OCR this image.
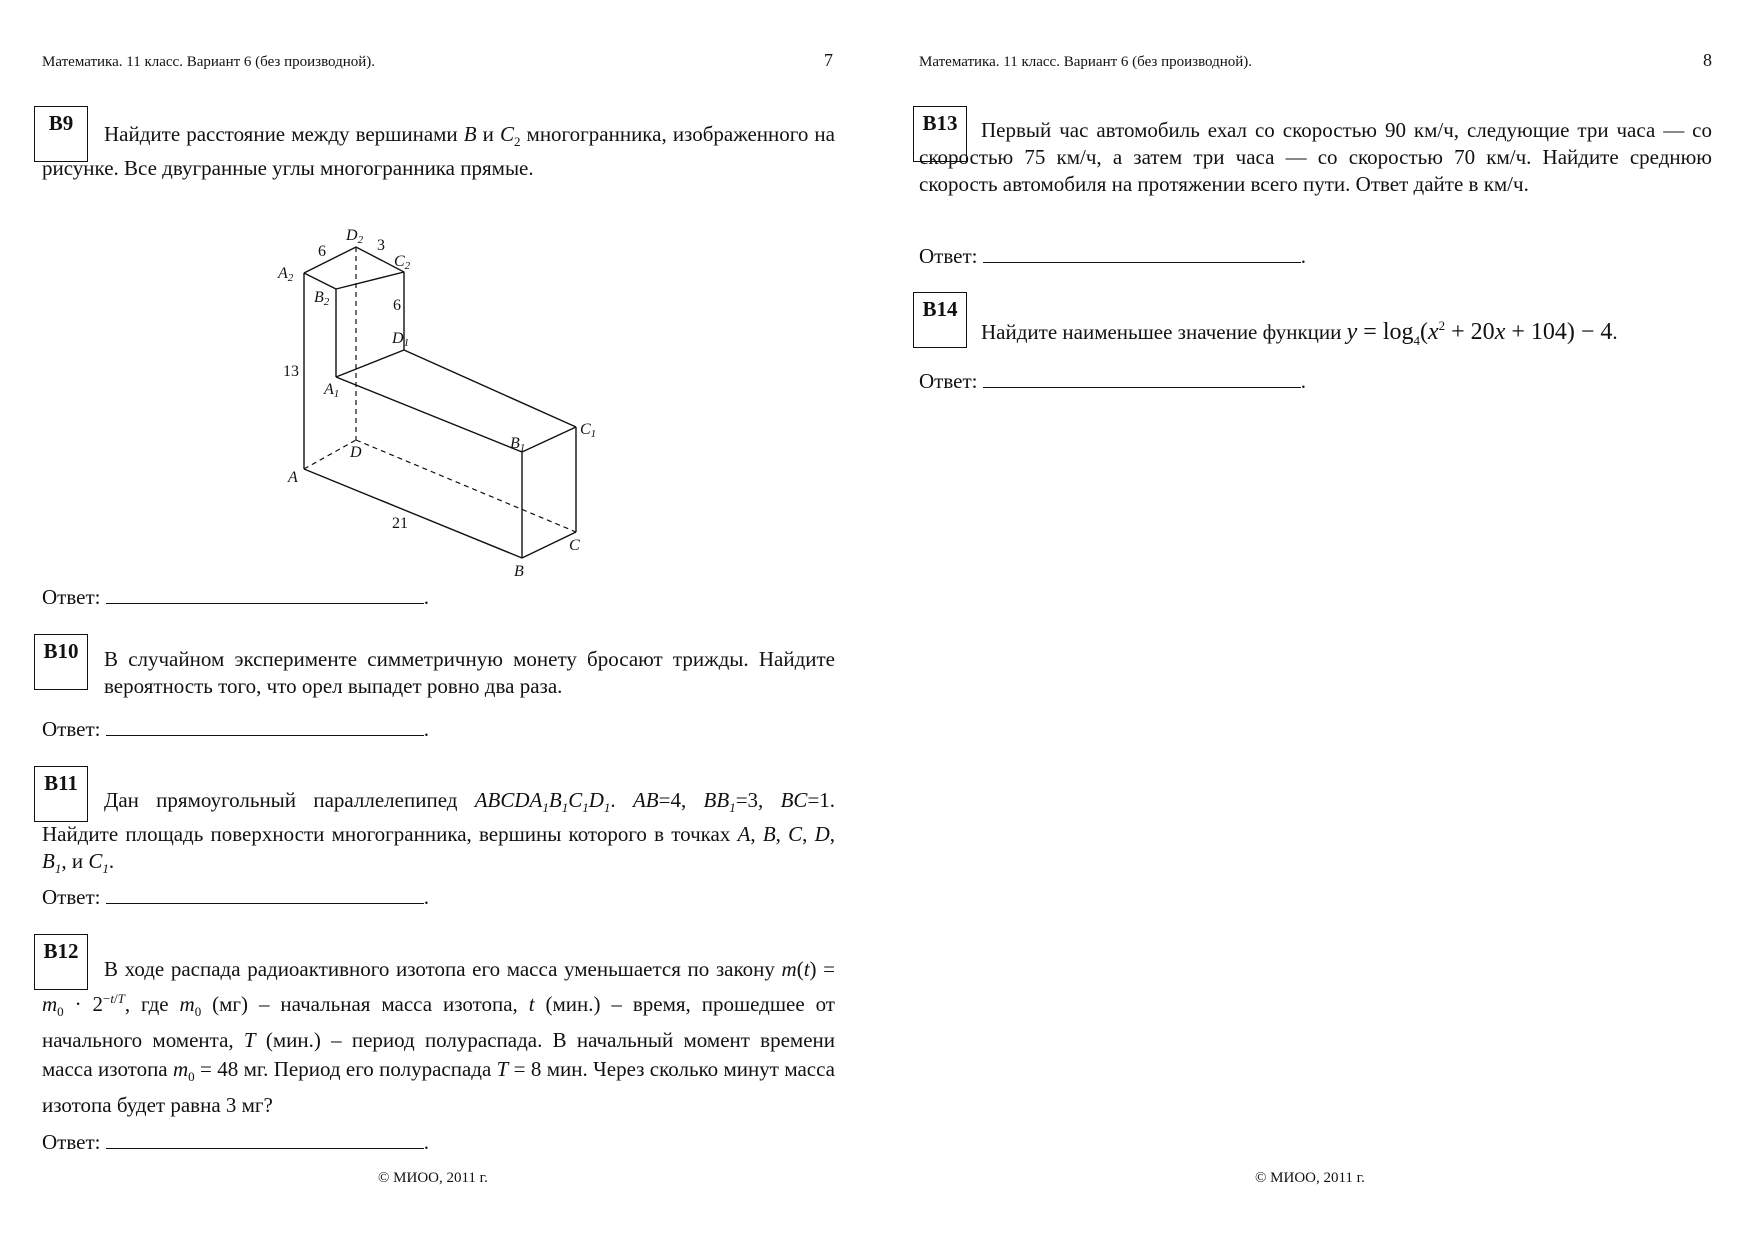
Математика. 11 класс. Вариант 6 (без производной).	7
B9	Найдите расстояние между вершинами B и $C_2$ многогранника, изображенного на рисунке. Все двугранные углы многогранника прямые.
D2
C2
A2
B2
D1
A1
B1
C1
D
A
C
B
6	3
6
13
21
Ответ:	.
B10	В случайном эксперименте симметричную монету бросают трижды. Найдите вероятность того, что орел выпадет ровно два раза.
Ответ:	.
B11
Дан прямоугольный параллелепипед $ABCDA_1B_1C_1D_1$. AB=4, $BB_1=3$, BC=1. Найдите площадь поверхности многогранника, вершины которого в точках A, B, C, D, $B_1$, и $C_1$.
Ответ:	.
B12
В ходе распада радиоактивного изотопа его масса уменьшается по закону $m(t) = m_0 \cdot 2^{-t/T}$, где $m_0$ (мг) – начальная масса изотопа, t (мин.) – время, прошедшее от начального момента, T (мин.) – период полураспада. В начальный момент времени масса изотопа $m_0 = 48$ мг. Период его полураспада T = 8 мин. Через сколько минут масса изотопа будет равна 3 мг?
Ответ:	.
© МИОО, 2011 г.
Математика. 11 класс. Вариант 6 (без производной).	8
B13	Первый час автомобиль ехал со скоростью 90 км/ч, следующие три часа — со скоростью 75 км/ч, а затем три часа — со скоростью 70 км/ч. Найдите среднюю скорость автомобиля на протяжении всего пути. Ответ дайте в км/ч.
Ответ:	.
B14
Найдите наименьшее значение функции $y = \log_4(x^2 + 20x + 104) - 4$.
Ответ:	.
© МИОО, 2011 г.
